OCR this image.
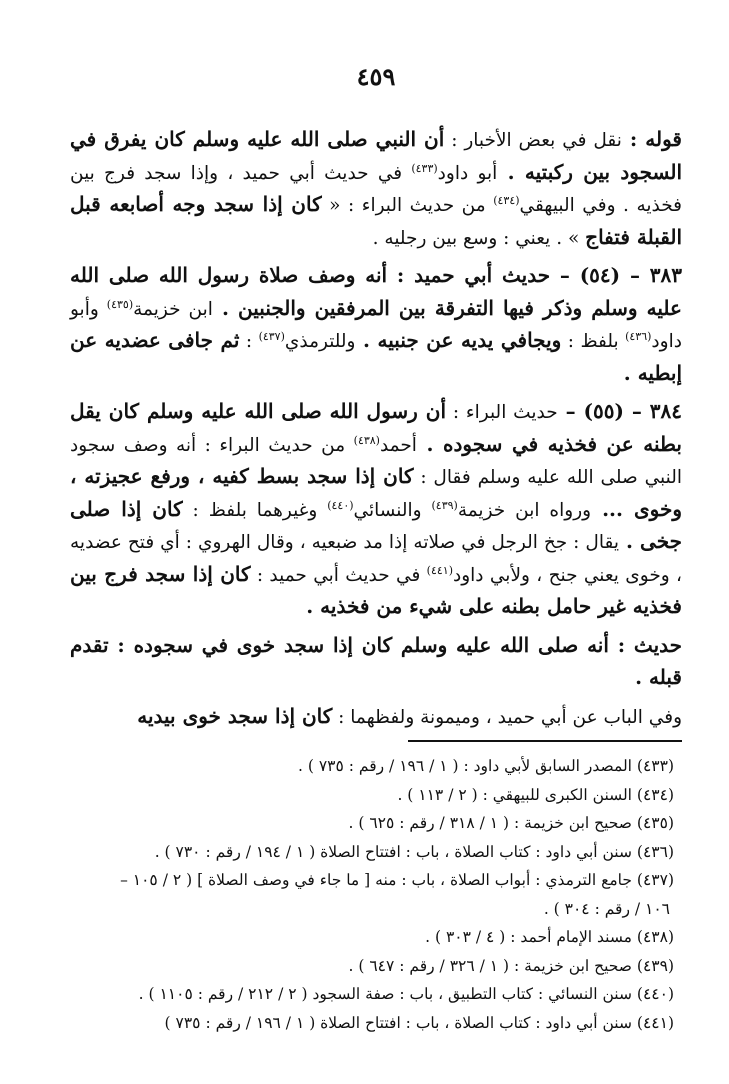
٤٥٩

قوله : نقل في بعض الأخبار : أن النبي صلى الله عليه وسلم كان يفرق في السجود بين ركبتيه . أبو داود$^{(٤٣٣)}$ في حديث أبي حميد ، وإذا سجد فرج بين فخذيه . وفي البيهقي$^{(٤٣٤)}$ من حديث البراء : « كان إذا سجد وجه أصابعه قبل القبلة فتفاج » . يعني : وسع بين رجليه .

٣٨٣ – (٥٤) – حديث أبي حميد : أنه وصف صلاة رسول الله صلى الله عليه وسلم وذكر فيها التفرقة بين المرفقين والجنبين . ابن خزيمة$^{(٤٣٥)}$ وأبو داود$^{(٤٣٦)}$ بلفظ : ويجافي يديه عن جنبيه . وللترمذي$^{(٤٣٧)}$ : ثم جافى عضديه عن إبطيه .

٣٨٤ – (٥٥) – حديث البراء : أن رسول الله صلى الله عليه وسلم كان يقل بطنه عن فخذيه في سجوده . أحمد$^{(٤٣٨)}$ من حديث البراء : أنه وصف سجود النبي صلى الله عليه وسلم فقال : كان إذا سجد بسط كفيه ، ورفع عجيزته ، وخوى ... ورواه ابن خزيمة$^{(٤٣٩)}$ والنسائي$^{(٤٤٠)}$ وغيرهما بلفظ : كان إذا صلى جخى . يقال : جخ الرجل في صلاته إذا مد ضبعيه ، وقال الهروي : أي فتح عضديه ، وخوى يعني جنح ، ولأبي داود$^{(٤٤١)}$ في حديث أبي حميد : كان إذا سجد فرج بين فخذيه غير حامل بطنه على شيء من فخذيه .

حديث : أنه صلى الله عليه وسلم كان إذا سجد خوى في سجوده : تقدم قبله .

وفي الباب عن أبي حميد ، وميمونة ولفظهما : كان إذا سجد خوى بيديه

(٤٣٣) المصدر السابق لأبي داود : ( ١ / ١٩٦ / رقم : ٧٣٥ ) .

(٤٣٤) السنن الكبرى للبيهقي : ( ٢ / ١١٣ ) .

(٤٣٥) صحيح ابن خزيمة : ( ١ / ٣١٨ / رقم : ٦٢٥ ) .

(٤٣٦) سنن أبي داود : كتاب الصلاة ، باب : افتتاح الصلاة ( ١ / ١٩٤ / رقم : ٧٣٠ ) .

(٤٣٧) جامع الترمذي : أبواب الصلاة ، باب : منه [ ما جاء في وصف الصلاة ] ( ٢ / ١٠٥ –

١٠٦ / رقم : ٣٠٤ ) .

(٤٣٨) مسند الإمام أحمد : ( ٤ / ٣٠٣ ) .

(٤٣٩) صحيح ابن خزيمة : ( ١ / ٣٢٦ / رقم : ٦٤٧ ) .

(٤٤٠) سنن النسائي : كتاب التطبيق ، باب : صفة السجود ( ٢ / ٢١٢ / رقم : ١١٠٥ ) .

(٤٤١) سنن أبي داود : كتاب الصلاة ، باب : افتتاح الصلاة ( ١ / ١٩٦ / رقم : ٧٣٥ )
